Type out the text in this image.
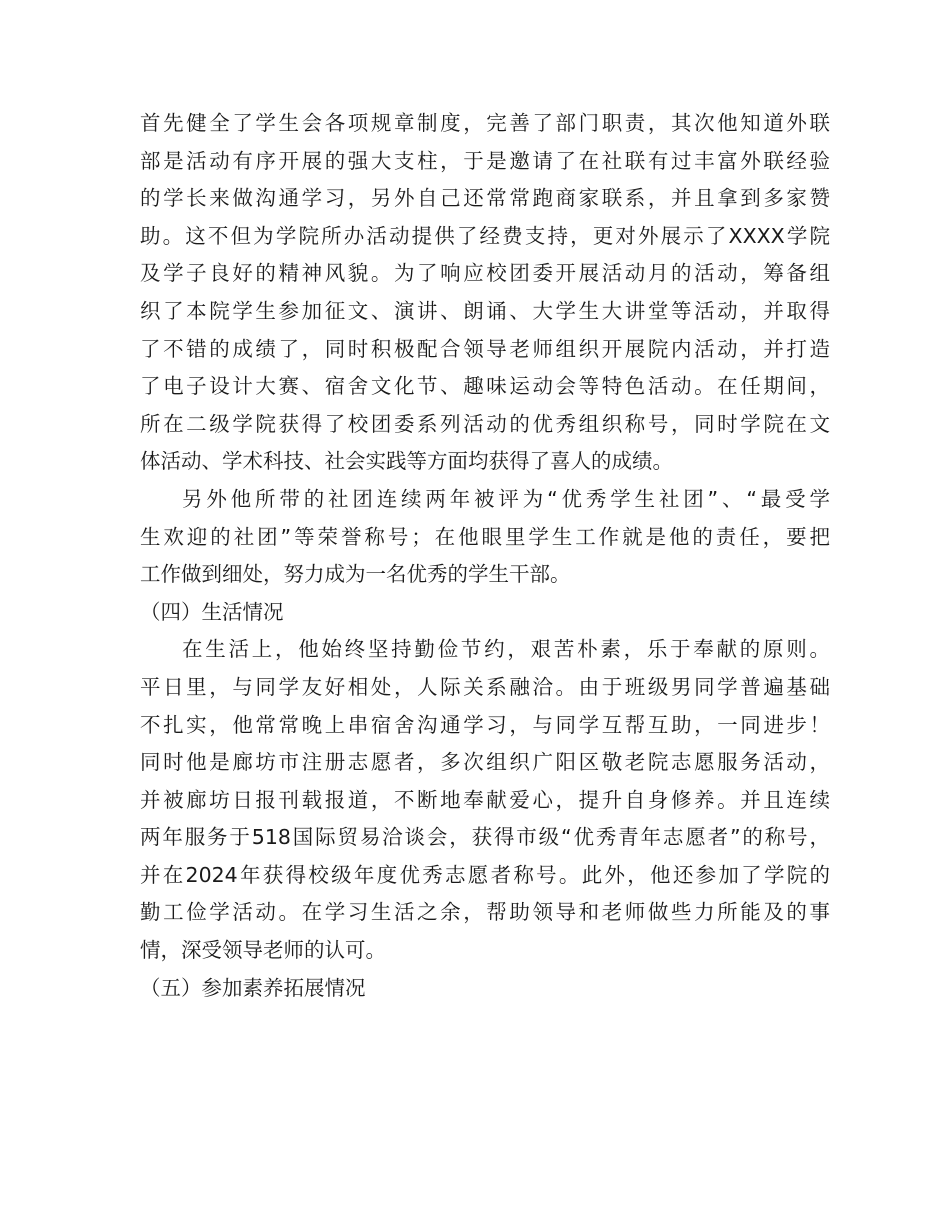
首先健全了学生会各项规章制度，完善了部门职责，其次他知道外联
部是活动有序开展的强大支柱，于是邀请了在社联有过丰富外联经验
的学长来做沟通学习，另外自己还常常跑商家联系，并且拿到多家赞
助。这不但为学院所办活动提供了经费支持，更对外展示了XXXX学院
及学子良好的精神风貌。为了响应校团委开展活动月的活动，筹备组
织了本院学生参加征文、演讲、朗诵、大学生大讲堂等活动，并取得
了不错的成绩了，同时积极配合领导老师组织开展院内活动，并打造
了电子设计大赛、宿舍文化节、趣味运动会等特色活动。在任期间，
所在二级学院获得了校团委系列活动的优秀组织称号，同时学院在文
体活动、学术科技、社会实践等方面均获得了喜人的成绩。
另外他所带的社团连续两年被评为“优秀学生社团”、“最受学
生欢迎的社团”等荣誉称号；在他眼里学生工作就是他的责任，要把
工作做到细处，努力成为一名优秀的学生干部。
（四）生活情况
在生活上，他始终坚持勤俭节约，艰苦朴素，乐于奉献的原则。
平日里，与同学友好相处，人际关系融洽。由于班级男同学普遍基础
不扎实，他常常晚上串宿舍沟通学习，与同学互帮互助，一同进步！
同时他是廊坊市注册志愿者，多次组织广阳区敬老院志愿服务活动，
并被廊坊日报刊载报道，不断地奉献爱心，提升自身修养。并且连续
两年服务于518国际贸易洽谈会，获得市级“优秀青年志愿者”的称号，
并在2024年获得校级年度优秀志愿者称号。此外，他还参加了学院的
勤工俭学活动。在学习生活之余，帮助领导和老师做些力所能及的事
情，深受领导老师的认可。
（五）参加素养拓展情况
